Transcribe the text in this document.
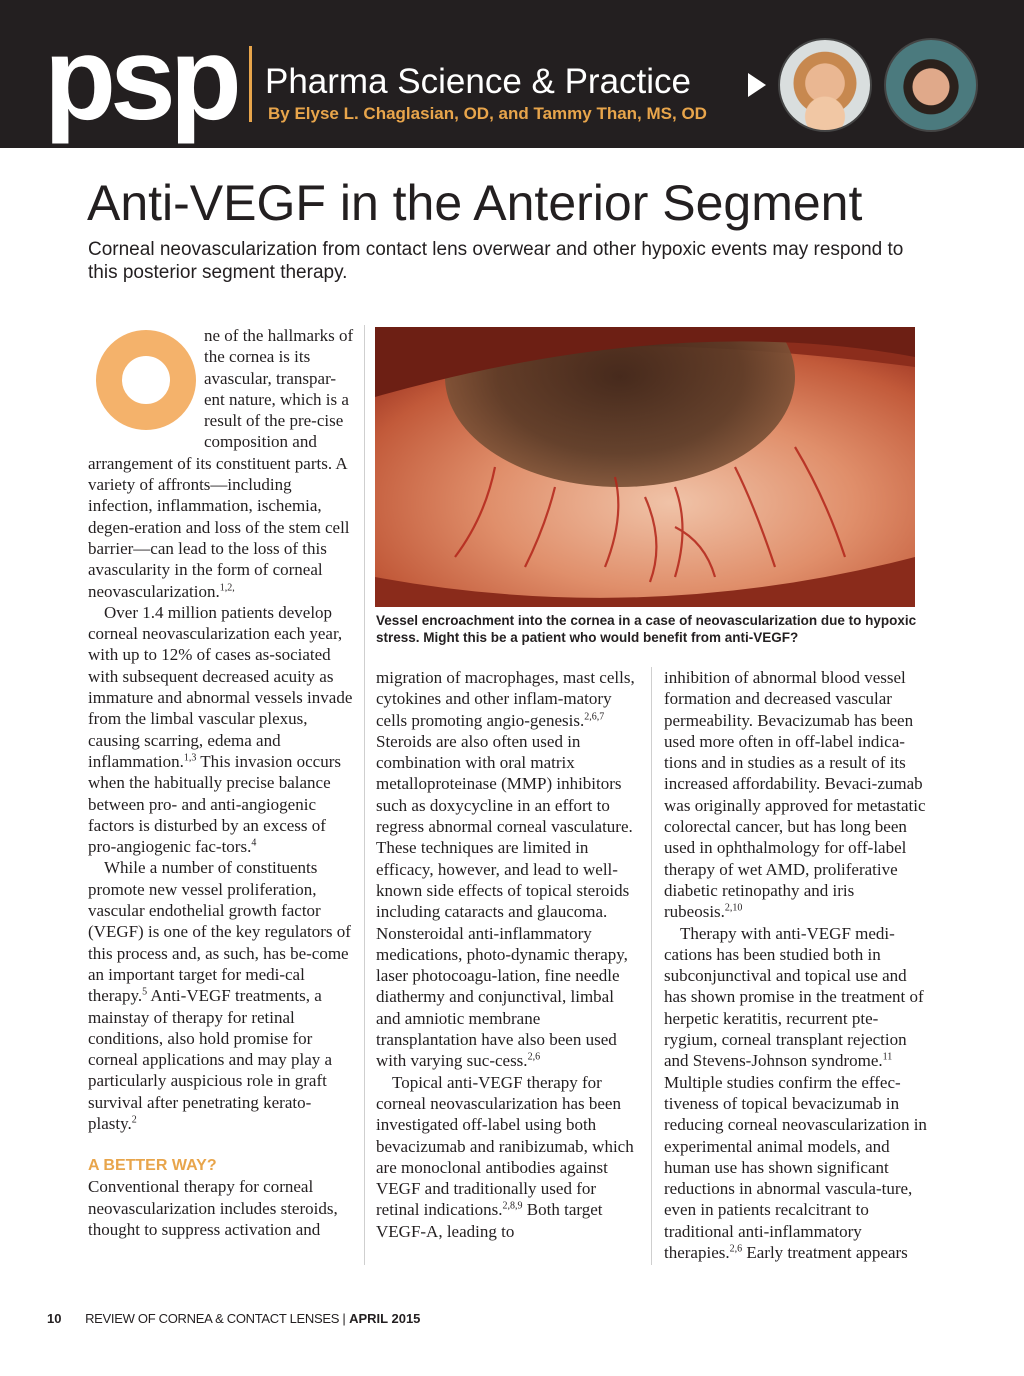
psp Pharma Science & Practice
By Elyse L. Chaglasian, OD, and Tammy Than, MS, OD
Anti-VEGF in the Anterior Segment
Corneal neovascularization from contact lens overwear and other hypoxic events may respond to this posterior segment therapy.

ne of the hallmarks of the cornea is its avascular, transpar-ent nature, which is a result of the pre-cise composition and arrangement of its constituent parts. A variety of affronts—including infection, inflammation, ischemia, degen-eration and loss of the stem cell barrier—can lead to the loss of this avascularity in the form of corneal neovascularization.$^{1,2,}$

Over 1.4 million patients develop corneal neovascularization each year, with up to 12% of cases as-sociated with subsequent decreased acuity as immature and abnormal vessels invade from the limbal vascular plexus, causing scarring, edema and inflammation.$^{1,3}$ This invasion occurs when the habitually precise balance between pro- and anti-angiogenic factors is disturbed by an excess of pro-angiogenic fac-tors.$^4$

While a number of constituents promote new vessel proliferation, vascular endothelial growth factor (VEGF) is one of the key regulators of this process and, as such, has be-come an important target for medi-cal therapy.$^5$ Anti-VEGF treatments, a mainstay of therapy for retinal conditions, also hold promise for corneal applications and may play a particularly auspicious role in graft survival after penetrating kerato-plasty.$^2$

A BETTER WAY?

Conventional therapy for corneal neovascularization includes steroids, thought to suppress activation and

Vessel encroachment into the cornea in a case of neovascularization due to hypoxic stress. Might this be a patient who would benefit from anti-VEGF?

migration of macrophages, mast cells, cytokines and other inflam-matory cells promoting angio-genesis.$^{2,6,7}$ Steroids are also often used in combination with oral matrix metalloproteinase (MMP) inhibitors such as doxycycline in an effort to regress abnormal corneal vasculature. These techniques are limited in efficacy, however, and lead to well-known side effects of topical steroids including cataracts and glaucoma. Nonsteroidal anti-inflammatory medications, photo-dynamic therapy, laser photocoagu-lation, fine needle diathermy and conjunctival, limbal and amniotic membrane transplantation have also been used with varying suc-cess.$^{2,6}$

Topical anti-VEGF therapy for corneal neovascularization has been investigated off-label using both bevacizumab and ranibizumab, which are monoclonal antibodies against VEGF and traditionally used for retinal indications.$^{2,8,9}$ Both target VEGF-A, leading to

inhibition of abnormal blood vessel formation and decreased vascular permeability. Bevacizumab has been used more often in off-label indica-tions and in studies as a result of its increased affordability. Bevaci-zumab was originally approved for metastatic colorectal cancer, but has long been used in ophthalmology for off-label therapy of wet AMD, proliferative diabetic retinopathy and iris rubeosis.$^{2,10}$

Therapy with anti-VEGF medi-cations has been studied both in subconjunctival and topical use and has shown promise in the treatment of herpetic keratitis, recurrent pte-rygium, corneal transplant rejection and Stevens-Johnson syndrome.$^{11}$ Multiple studies confirm the effec-tiveness of topical bevacizumab in reducing corneal neovascularization in experimental animal models, and human use has shown significant reductions in abnormal vascula-ture, even in patients recalcitrant to traditional anti-inflammatory therapies.$^{2,6}$ Early treatment appears

10 REVIEW OF CORNEA & CONTACT LENSES | APRIL 2015
